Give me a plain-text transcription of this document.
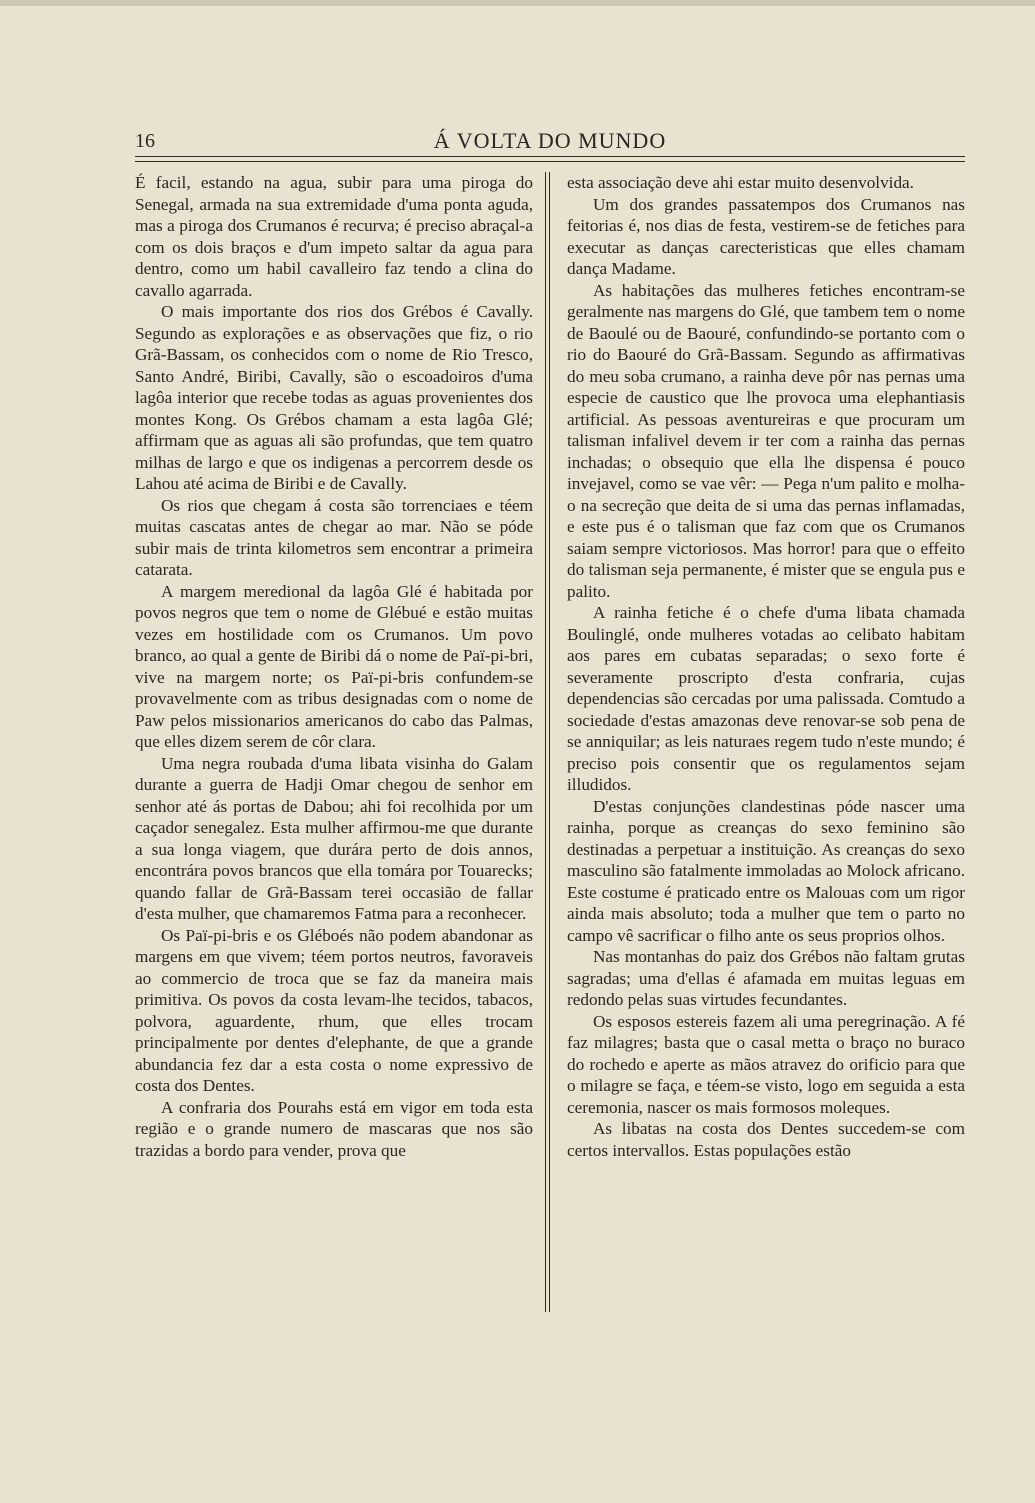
16	Á VOLTA DO MUNDO

É facil, estando na agua, subir para uma piroga do Senegal, armada na sua extremidade d'uma ponta aguda, mas a piroga dos Crumanos é recurva; é preciso abraçal-a com os dois braços e d'um impeto saltar da agua para dentro, como um habil cavalleiro faz tendo a clina do cavallo agarrada.

O mais importante dos rios dos Grébos é Cavally. Segundo as explorações e as observações que fiz, o rio Grã-Bassam, os conhecidos com o nome de Rio Tresco, Santo André, Biribi, Cavally, são o escoadoiros d'uma lagôa interior que recebe todas as aguas provenientes dos montes Kong. Os Grébos chamam a esta lagôa Glé; affirmam que as aguas ali são profundas, que tem quatro milhas de largo e que os indigenas a percorrem desde os Lahou até acima de Biribi e de Cavally.

Os rios que chegam á costa são torrenciaes e téem muitas cascatas antes de chegar ao mar. Não se póde subir mais de trinta kilometros sem encontrar a primeira catarata.

A margem meredional da lagôa Glé é habitada por povos negros que tem o nome de Glébué e estão muitas vezes em hostilidade com os Crumanos. Um povo branco, ao qual a gente de Biribi dá o nome de Paï-pi-bri, vive na margem norte; os Paï-pi-bris confundem-se provavelmente com as tribus designadas com o nome de Paw pelos missionarios americanos do cabo das Palmas, que elles dizem serem de côr clara.

Uma negra roubada d'uma libata visinha do Galam durante a guerra de Hadji Omar chegou de senhor em senhor até ás portas de Dabou; ahi foi recolhida por um caçador senegalez. Esta mulher affirmou-me que durante a sua longa viagem, que durára perto de dois annos, encontrára povos brancos que ella tomára por Touarecks; quando fallar de Grã-Bassam terei occasião de fallar d'esta mulher, que chamaremos Fatma para a reconhecer.

Os Paï-pi-bris e os Gléboés não podem abandonar as margens em que vivem; téem portos neutros, favoraveis ao commercio de troca que se faz da maneira mais primitiva. Os povos da costa levam-lhe tecidos, tabacos, polvora, aguardente, rhum, que elles trocam principalmente por dentes d'elephante, de que a grande abundancia fez dar a esta costa o nome expressivo de costa dos Dentes.

A confraria dos Pourahs está em vigor em toda esta região e o grande numero de mascaras que nos são trazidas a bordo para vender, prova que

esta associação deve ahi estar muito desenvolvida.

Um dos grandes passatempos dos Crumanos nas feitorias é, nos dias de festa, vestirem-se de fetiches para executar as danças carecteristicas que elles chamam dança Madame.

As habitações das mulheres fetiches encontram-se geralmente nas margens do Glé, que tambem tem o nome de Baoulé ou de Baouré, confundindo-se portanto com o rio do Baouré do Grã-Bassam. Segundo as affirmativas do meu soba crumano, a rainha deve pôr nas pernas uma especie de caustico que lhe provoca uma elephantiasis artificial. As pessoas aventureiras e que procuram um talisman infalivel devem ir ter com a rainha das pernas inchadas; o obsequio que ella lhe dispensa é pouco invejavel, como se vae vêr: — Pega n'um palito e molha-o na secreção que deita de si uma das pernas inflamadas, e este pus é o talisman que faz com que os Crumanos saiam sempre victoriosos. Mas horror! para que o effeito do talisman seja permanente, é mister que se engula pus e palito.

A rainha fetiche é o chefe d'uma libata chamada Boulinglé, onde mulheres votadas ao celibato habitam aos pares em cubatas separadas; o sexo forte é severamente proscripto d'esta confraria, cujas dependencias são cercadas por uma palissada. Comtudo a sociedade d'estas amazonas deve renovar-se sob pena de se anniquilar; as leis naturaes regem tudo n'este mundo; é preciso pois consentir que os regulamentos sejam illudidos.

D'estas conjunções clandestinas póde nascer uma rainha, porque as creanças do sexo feminino são destinadas a perpetuar a instituição. As creanças do sexo masculino são fatalmente immoladas ao Molock africano. Este costume é praticado entre os Malouas com um rigor ainda mais absoluto; toda a mulher que tem o parto no campo vê sacrificar o filho ante os seus proprios olhos.

Nas montanhas do paiz dos Grébos não faltam grutas sagradas; uma d'ellas é afamada em muitas leguas em redondo pelas suas virtudes fecundantes.

Os esposos estereis fazem ali uma peregrinação. A fé faz milagres; basta que o casal metta o braço no buraco do rochedo e aperte as mãos atravez do orificio para que o milagre se faça, e téem-se visto, logo em seguida a esta ceremonia, nascer os mais formosos moleques.

As libatas na costa dos Dentes succedem-se com certos intervallos. Estas populações estão
